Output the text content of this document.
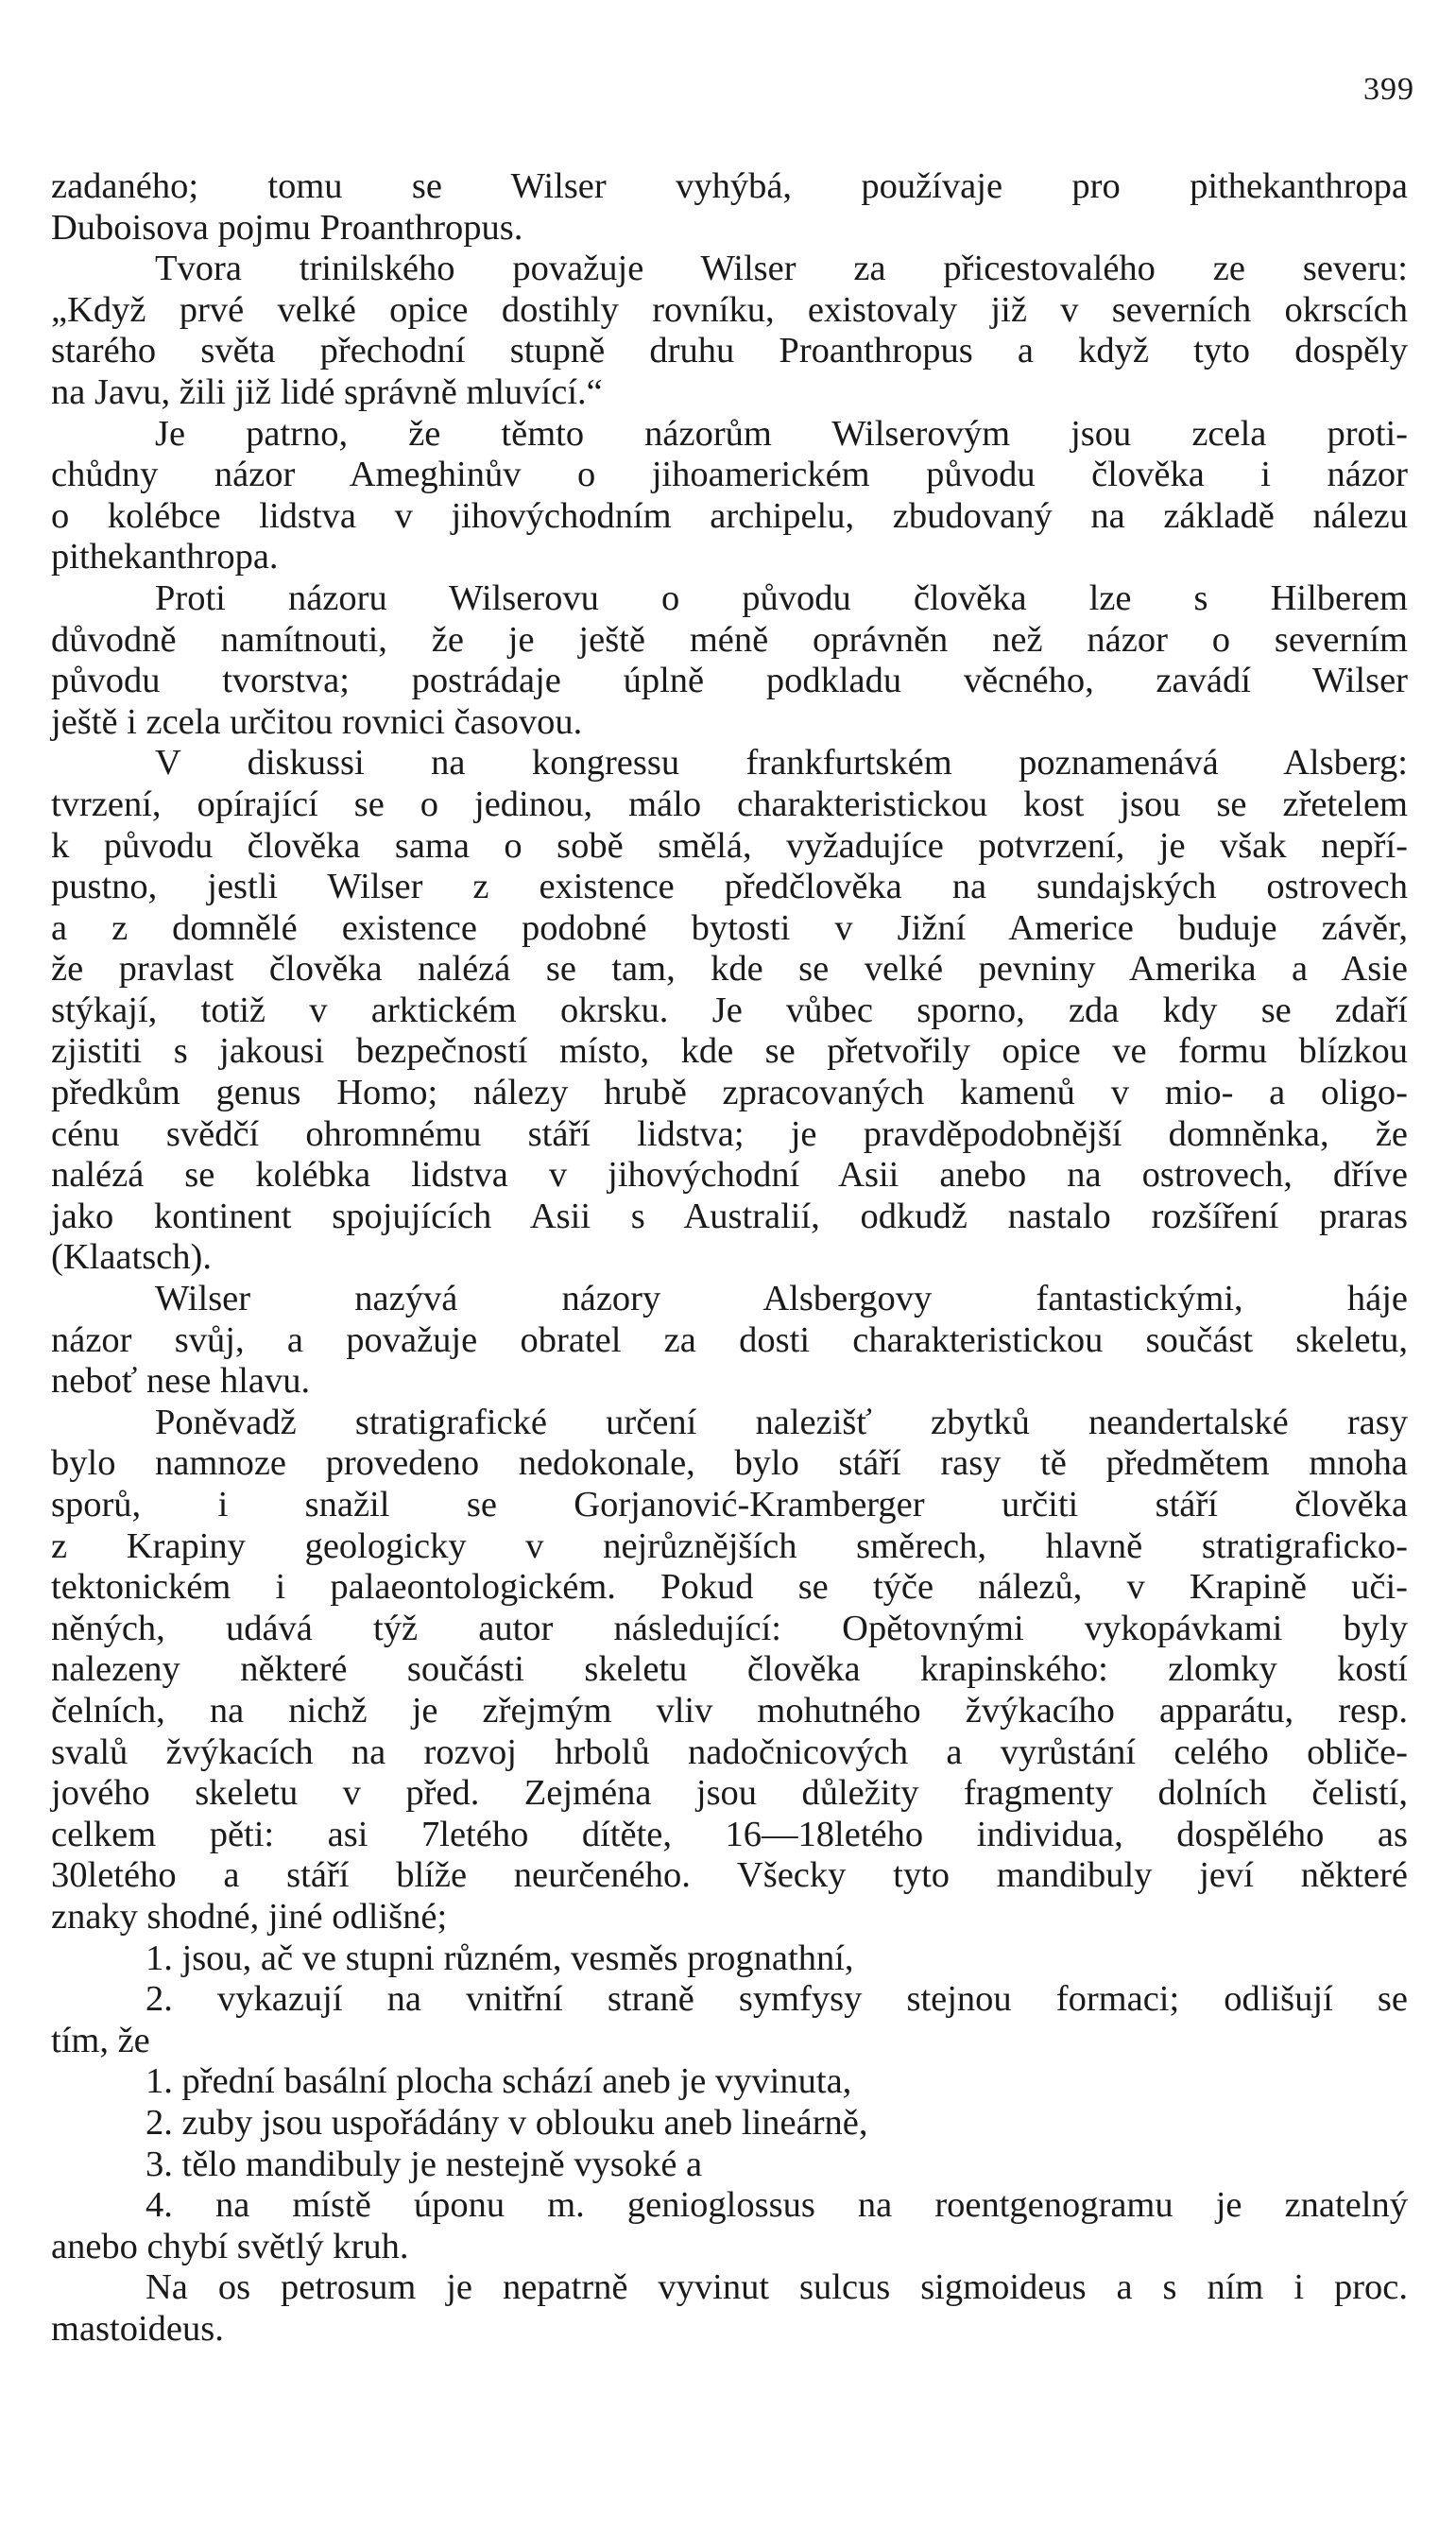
399
zadaného; tomu se Wilser vyhýbá, používaje pro pithekanthropa
Duboisova pojmu Proanthropus.
Tvora trinilského považuje Wilser za přicestovalého ze severu:
„Když prvé velké opice dostihly rovníku, existovaly již v severních okrscích
starého světa přechodní stupně druhu Proanthropus a když tyto dospěly
na Javu, žili již lidé správně mluvící.“
Je patrno, že těmto názorům Wilserovým jsou zcela proti-
chůdny názor Ameghinův o jihoamerickém původu člověka i názor
o kolébce lidstva v jihovýchodním archipelu, zbudovaný na základě nálezu
pithekanthropa.
Proti názoru Wilserovu o původu člověka lze s Hilberem
důvodně namítnouti, že je ještě méně oprávněn než názor o severním
původu tvorstva; postrádaje úplně podkladu věcného, zavádí Wilser
ještě i zcela určitou rovnici časovou.
V diskussi na kongressu frankfurtském poznamenává Alsberg:
tvrzení, opírající se o jedinou, málo charakteristickou kost jsou se zřetelem
k původu člověka sama o sobě smělá, vyžadujíce potvrzení, je však nepří-
pustno, jestli Wilser z existence předčlověka na sundajských ostrovech
a z domnělé existence podobné bytosti v Jižní Americe buduje závěr,
že pravlast člověka nalézá se tam, kde se velké pevniny Amerika a Asie
stýkají, totiž v arktickém okrsku. Je vůbec sporno, zda kdy se zdaří
zjistiti s jakousi bezpečností místo, kde se přetvořily opice ve formu blízkou
předkům genus Homo; nálezy hrubě zpracovaných kamenů v mio- a oligo-
cénu svědčí ohromnému stáří lidstva; je pravděpodobnější domněnka, že
nalézá se kolébka lidstva v jihovýchodní Asii anebo na ostrovech, dříve
jako kontinent spojujících Asii s Australií, odkudž nastalo rozšíření praras
(Klaatsch).
Wilser nazývá názory Alsbergovy fantastickými, háje
názor svůj, a považuje obratel za dosti charakteristickou součást skeletu,
neboť nese hlavu.
Poněvadž stratigrafické určení nalezišť zbytků neandertalské rasy
bylo namnoze provedeno nedokonale, bylo stáří rasy tě předmětem mnoha
sporů, i snažil se Gorjanović-Kramberger určiti stáří člověka
z Krapiny geologicky v nejrůznějších směrech, hlavně stratigraficko-
tektonickém i palaeontologickém. Pokud se týče nálezů, v Krapině uči-
něných, udává týž autor následující: Opětovnými vykopávkami byly
nalezeny některé součásti skeletu člověka krapinského: zlomky kostí
čelních, na nichž je zřejmým vliv mohutného žvýkacího apparátu, resp.
svalů žvýkacích na rozvoj hrbolů nadočnicových a vyrůstání celého obliče-
jového skeletu v před. Zejména jsou důležity fragmenty dolních čelistí,
celkem pěti: asi 7letého dítěte, 16—18letého individua, dospělého as
30letého a stáří blíže neurčeného. Všecky tyto mandibuly jeví některé
znaky shodné, jiné odlišné;
1. jsou, ač ve stupni různém, vesměs prognathní,
2. vykazují na vnitřní straně symfysy stejnou formaci; odlišují se
tím, že
1. přední basální plocha schází aneb je vyvinuta,
2. zuby jsou uspořádány v oblouku aneb lineárně,
3. tělo mandibuly je nestejně vysoké a
4. na místě úponu m. genioglossus na roentgenogramu je znatelný
anebo chybí světlý kruh.
Na os petrosum je nepatrně vyvinut sulcus sigmoideus a s ním i proc.
mastoideus.
